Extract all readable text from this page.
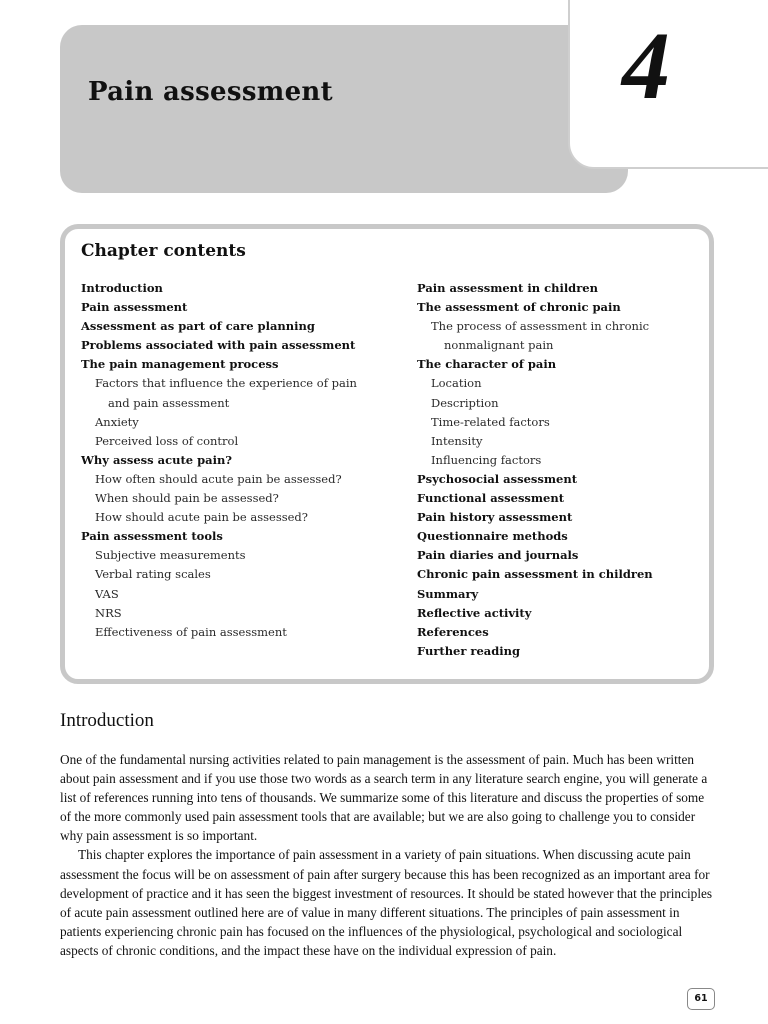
Pain assessment	4
Chapter contents
Introduction
Pain assessment
Assessment as part of care planning
Problems associated with pain assessment
The pain management process
Factors that influence the experience of pain
and pain assessment
Anxiety
Perceived loss of control
Why assess acute pain?
How often should acute pain be assessed?
When should pain be assessed?
How should acute pain be assessed?
Pain assessment tools
Subjective measurements
Verbal rating scales
VAS
NRS
Effectiveness of pain assessment
Pain assessment in children
The assessment of chronic pain
The process of assessment in chronic
nonmalignant pain
The character of pain
Location
Description
Time-related factors
Intensity
Influencing factors
Psychosocial assessment
Functional assessment
Pain history assessment
Questionnaire methods
Pain diaries and journals
Chronic pain assessment in children
Summary
Reflective activity
References
Further reading
Introduction

One of the fundamental nursing activities related to pain management is the assessment of pain. Much has been written about pain assessment and if you use those two words as a search term in any literature search engine, you will generate a list of references running into tens of thousands. We summarize some of this literature and discuss the properties of some of the more commonly used pain assessment tools that are available; but we are also going to challenge you to consider why pain assessment is so important.

This chapter explores the importance of pain assessment in a variety of pain situations. When discussing acute pain assessment the focus will be on assessment of pain after surgery because this has been recognized as an important area for development of practice and it has seen the biggest investment of resources. It should be stated however that the principles of acute pain assessment outlined here are of value in many different situations. The principles of pain assessment in patients experiencing chronic pain has focused on the influences of the physiological, psychological and sociological aspects of chronic conditions, and the impact these have on the individual expression of pain.

61
